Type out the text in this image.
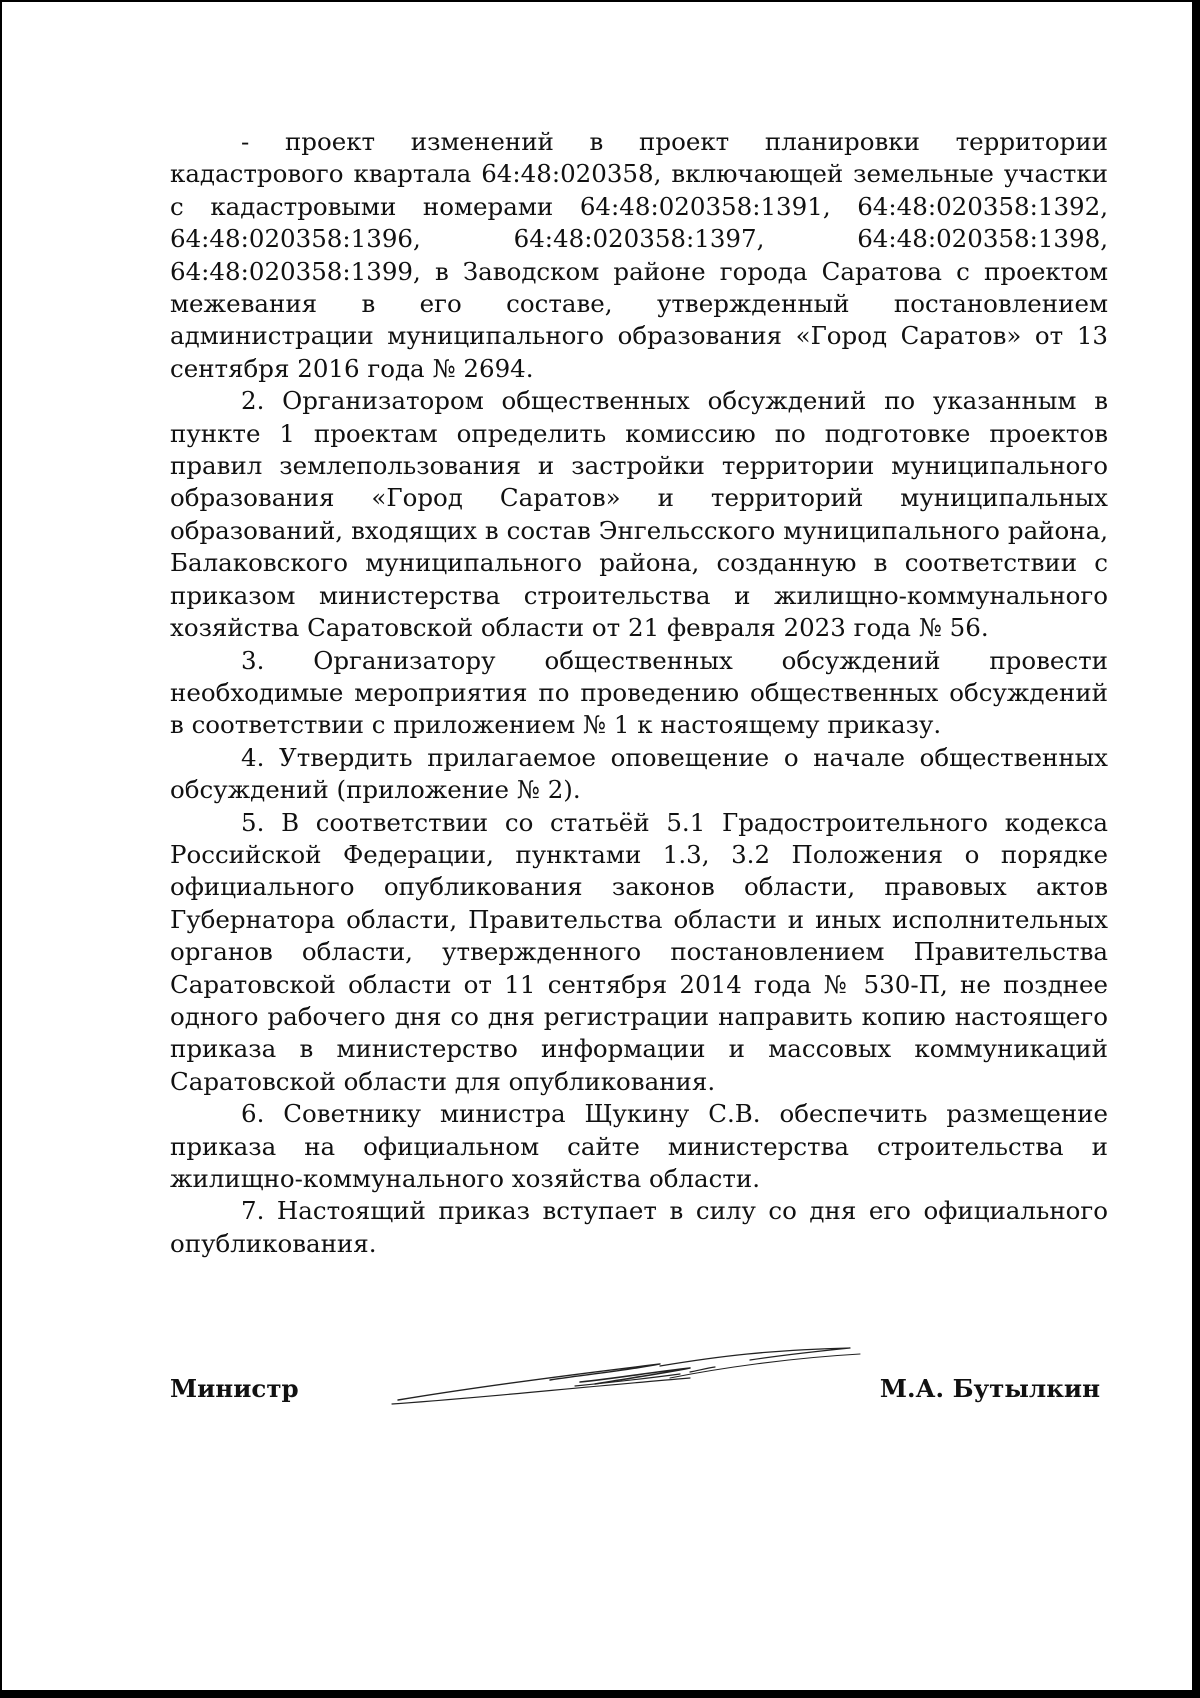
- проект изменений в проект планировки территории кадастрового квартала 64:48:020358, включающей земельные участки с кадастровыми номерами 64:48:020358:1391, 64:48:020358:1392, 64:48:020358:1396, 64:48:020358:1397, 64:48:020358:1398, 64:48:020358:1399, в Заводском районе города Саратова с проектом межевания в его составе, утвержденный постановлением администрации муниципального образования «Город Саратов» от 13 сентября 2016 года № 2694.

2. Организатором общественных обсуждений по указанным в пункте 1 проектам определить комиссию по подготовке проектов правил землепользования и застройки территории муниципального образования «Город Саратов» и территорий муниципальных образований, входящих в состав Энгельсского муниципального района, Балаковского муниципального района, созданную в соответствии с приказом министерства строительства и жилищно-коммунального хозяйства Саратовской области от 21 февраля 2023 года № 56.

3. Организатору общественных обсуждений провести необходимые мероприятия по проведению общественных обсуждений в соответствии с приложением № 1 к настоящему приказу.

4. Утвердить прилагаемое оповещение о начале общественных обсуждений (приложение № 2).

5. В соответствии со статьёй 5.1 Градостроительного кодекса Российской Федерации, пунктами 1.3, 3.2 Положения о порядке официального опубликования законов области, правовых актов Губернатора области, Правительства области и иных исполнительных органов области, утвержденного постановлением Правительства Саратовской области от 11 сентября 2014 года № 530-П, не позднее одного рабочего дня со дня регистрации направить копию настоящего приказа в министерство информации и массовых коммуникаций Саратовской области для опубликования.

6. Советнику министра Щукину С.В. обеспечить размещение приказа на официальном сайте министерства строительства и жилищно-коммунального хозяйства области.

7. Настоящий приказ вступает в силу со дня его официального опубликования.

Министр	М.А. Бутылкин
